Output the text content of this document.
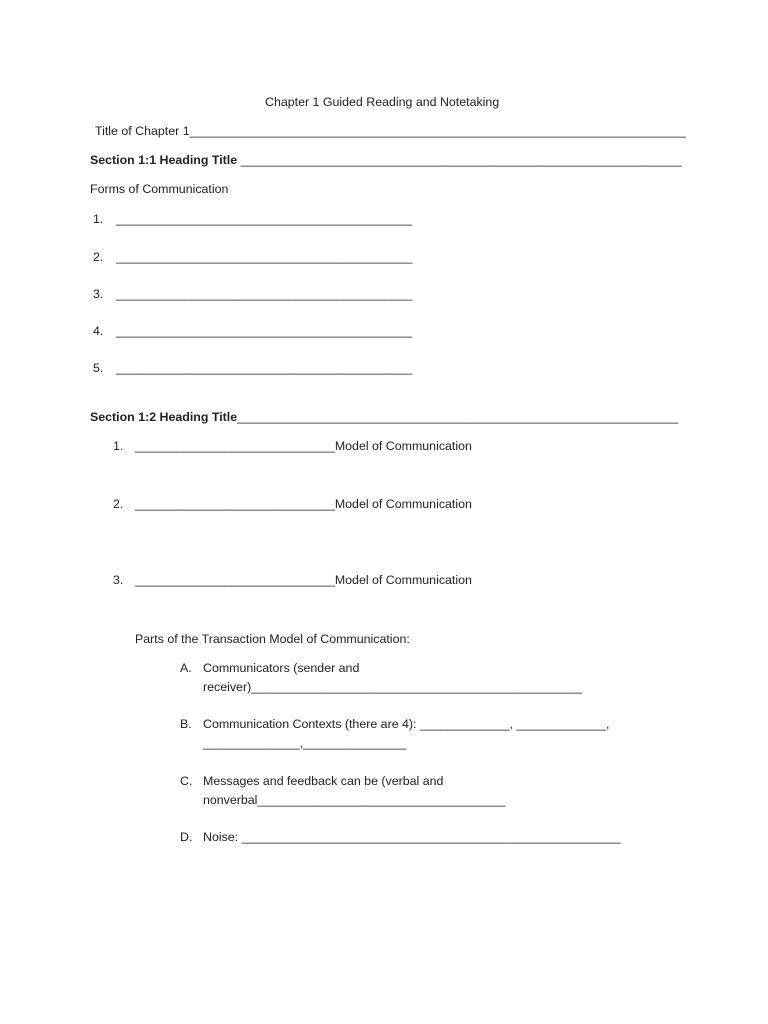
Chapter 1 Guided Reading and Notetaking
Title of Chapter 1________________________________________________________________________
Section 1:1 Heading Title ________________________________________________________________
Forms of Communication
1. ___________________________________________
2. ___________________________________________
3. ___________________________________________
4. ___________________________________________
5. ___________________________________________
Section 1:2 Heading Title________________________________________________________________
1. _____________________________Model of Communication
2. _____________________________Model of Communication
3. _____________________________Model of Communication
Parts of the Transaction Model of Communication:
A. Communicators (sender and
receiver)________________________________________________
B. Communication Contexts (there are 4): _____________, _____________,
______________,_______________
C. Messages and feedback can be (verbal and
nonverbal____________________________________
D. Noise: _______________________________________________________
